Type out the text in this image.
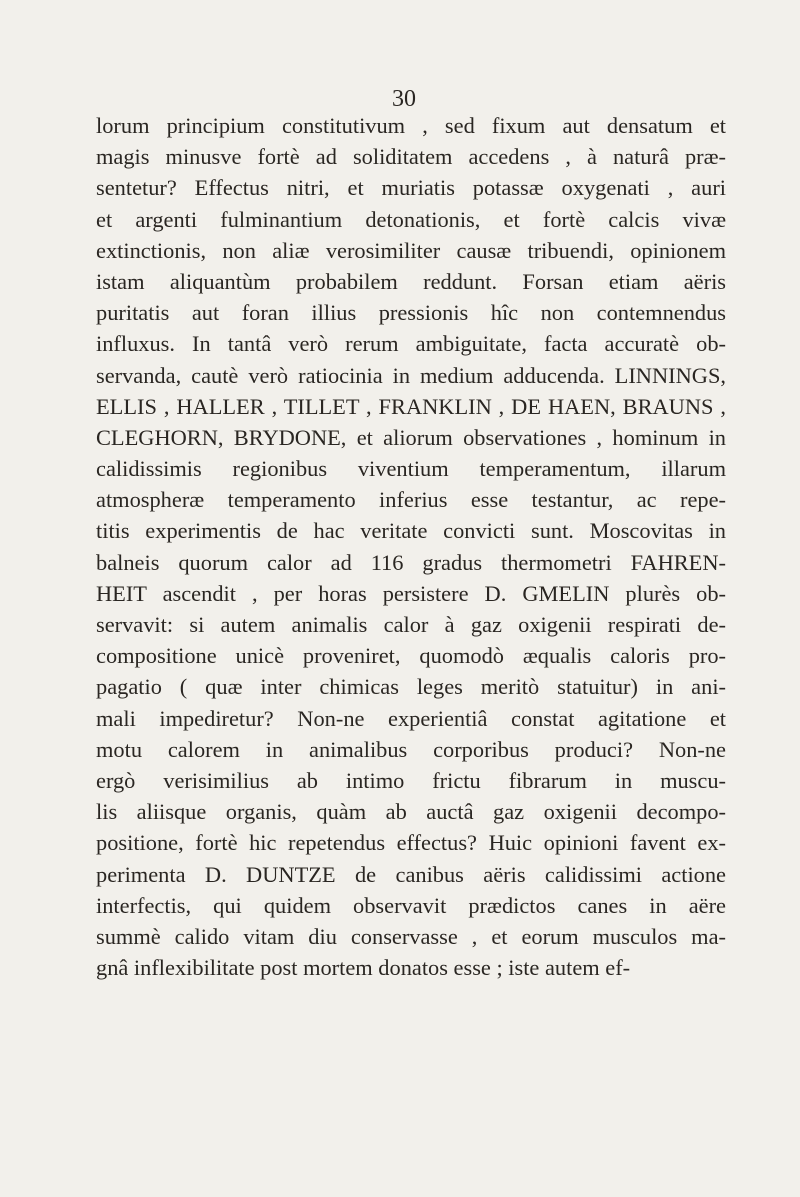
30
lorum principium constitutivum , sed fixum aut densatum et
magis minusve fortè ad soliditatem accedens , à naturâ præ-
sentetur? Effectus nitri, et muriatis potassæ oxygenati , auri
et argenti fulminantium detonationis, et fortè calcis vivæ
extinctionis, non aliæ verosimiliter causæ tribuendi, opinionem
istam aliquantùm probabilem reddunt. Forsan etiam aëris
puritatis aut foran illius pressionis hîc non contemnendus
influxus. In tantâ verò rerum ambiguitate, facta accuratè ob-
servanda, cautè verò ratiocinia in medium adducenda. LINNINGS,
ELLIS , HALLER , TILLET , FRANKLIN , DE HAEN, BRAUNS ,
CLEGHORN, BRYDONE, et aliorum observationes , hominum in
calidissimis regionibus viventium temperamentum, illarum
atmospheræ temperamento inferius esse testantur, ac repe-
titis experimentis de hac veritate convicti sunt. Moscovitas in
balneis quorum calor ad 116 gradus thermometri FAHREN-
HEIT ascendit , per horas persistere D. GMELIN plurès ob-
servavit: si autem animalis calor à gaz oxigenii respirati de-
compositione unicè proveniret, quomodò æqualis caloris pro-
pagatio ( quæ inter chimicas leges meritò statuitur) in ani-
mali impediretur? Non-ne experientiâ constat agitatione et
motu calorem in animalibus corporibus produci? Non-ne
ergò verisimilius ab intimo frictu fibrarum in muscu-
lis aliisque organis, quàm ab auctâ gaz oxigenii decompo-
positione, fortè hic repetendus effectus? Huic opinioni favent ex-
perimenta D. DUNTZE de canibus aëris calidissimi actione
interfectis, qui quidem observavit prædictos canes in aëre
summè calido vitam diu conservasse , et eorum musculos ma-
gnâ inflexibilitate post mortem donatos esse ; iste autem ef-
